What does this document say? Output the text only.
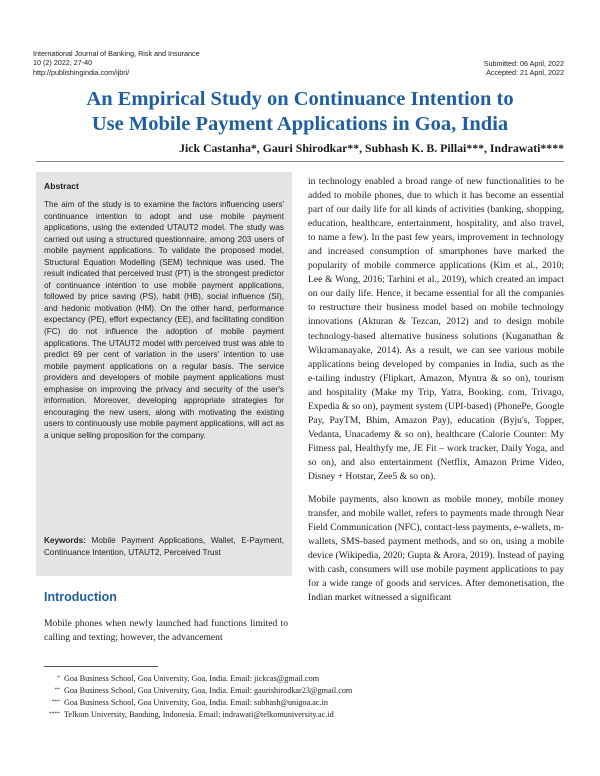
International Journal of Banking, Risk and Insurance
10 (2) 2022, 27-40
http://publishingindia.com/ijbri/
Submitted: 06 April, 2022
Accepted: 21 April, 2022
An Empirical Study on Continuance Intention to
Use Mobile Payment Applications in Goa, India
Jick Castanha*, Gauri Shirodkar**, Subhash K. B. Pillai***, Indrawati****
Abstract
The aim of the study is to examine the factors influencing users' continuance intention to adopt and use mobile payment applications, using the extended UTAUT2 model. The study was carried out using a structured questionnaire, among 203 users of mobile payment applications. To validate the proposed model, Structural Equation Modelling (SEM) technique was used. The result indicated that perceived trust (PT) is the strongest predictor of continuance intention to use mobile payment applications, followed by price saving (PS), habit (HB), social influence (SI), and hedonic motivation (HM). On the other hand, performance expectancy (PE), effort expectancy (EE), and facilitating condition (FC) do not influence the adoption of mobile payment applications. The UTAUT2 model with perceived trust was able to predict 69 per cent of variation in the users' intention to use mobile payment applications on a regular basis. The service providers and developers of mobile payment applications must emphasise on improving the privacy and security of the user's information. Moreover, developing appropriate strategies for encouraging the new users, along with motivating the existing users to continuously use mobile payment applications, will act as a unique selling proposition for the company.
Keywords: Mobile Payment Applications, Wallet, E-Payment, Continuance Intention, UTAUT2, Perceived Trust
Introduction
Mobile phones when newly launched had functions limited to calling and texting; however, the advancement

in technology enabled a broad range of new functionalities to be added to mobile phones, due to which it has become an essential part of our daily life for all kinds of activities (banking, shopping, education, healthcare, entertainment, hospitality, and also travel, to name a few). In the past few years, improvement in technology and increased consumption of smartphones have marked the popularity of mobile commerce applications (Kim et al., 2010; Lee & Wong, 2016; Tarhini et al., 2019), which created an impact on our daily life. Hence, it became essential for all the companies to restructure their business model based on mobile technology innovations (Akturan & Tezcan, 2012) and to design mobile technology-based alternative business solutions (Kuganathan & Wikramanayake, 2014). As a result, we can see various mobile applications being developed by companies in India, such as the e-tailing industry (Flipkart, Amazon, Myntra & so on), tourism and hospitality (Make my Trip, Yatra, Booking. com, Trivago, Expedia & so on), payment system (UPI-based) (PhonePe, Google Pay, PayTM, Bhim, Amazon Pay), education (Byju's, Topper, Vedanta, Unacademy & so on), healthcare (Calorie Counter: My Fitness pal, Healthyfy me, JE Fit – work tracker, Daily Yoga, and so on), and also entertainment (Netflix, Amazon Prime Video, Disney + Hotstar, Zee5 & so on).

Mobile payments, also known as mobile money, mobile money transfer, and mobile wallet, refers to payments made through Near Field Communication (NFC), contact-less payments, e-wallets, m-wallets, SMS-based payment methods, and so on, using a mobile device (Wikipedia, 2020; Gupta & Arora, 2019). Instead of paying with cash, consumers will use mobile payment applications to pay for a wide range of goods and services. After demonetisation, the Indian market witnessed a significant

* Goa Business School, Goa University, Goa, India. Email: jickcas@gmail.com
** Goa Business School, Goa University, Goa, India. Email: gaurishirodkar23@gmail.com
*** Goa Business School, Goa University, Goa, India. Email: subhash@unigoa.ac.in
**** Telkom University, Bandung, Indonesia. Email: indrawati@telkomuniversity.ac.id
